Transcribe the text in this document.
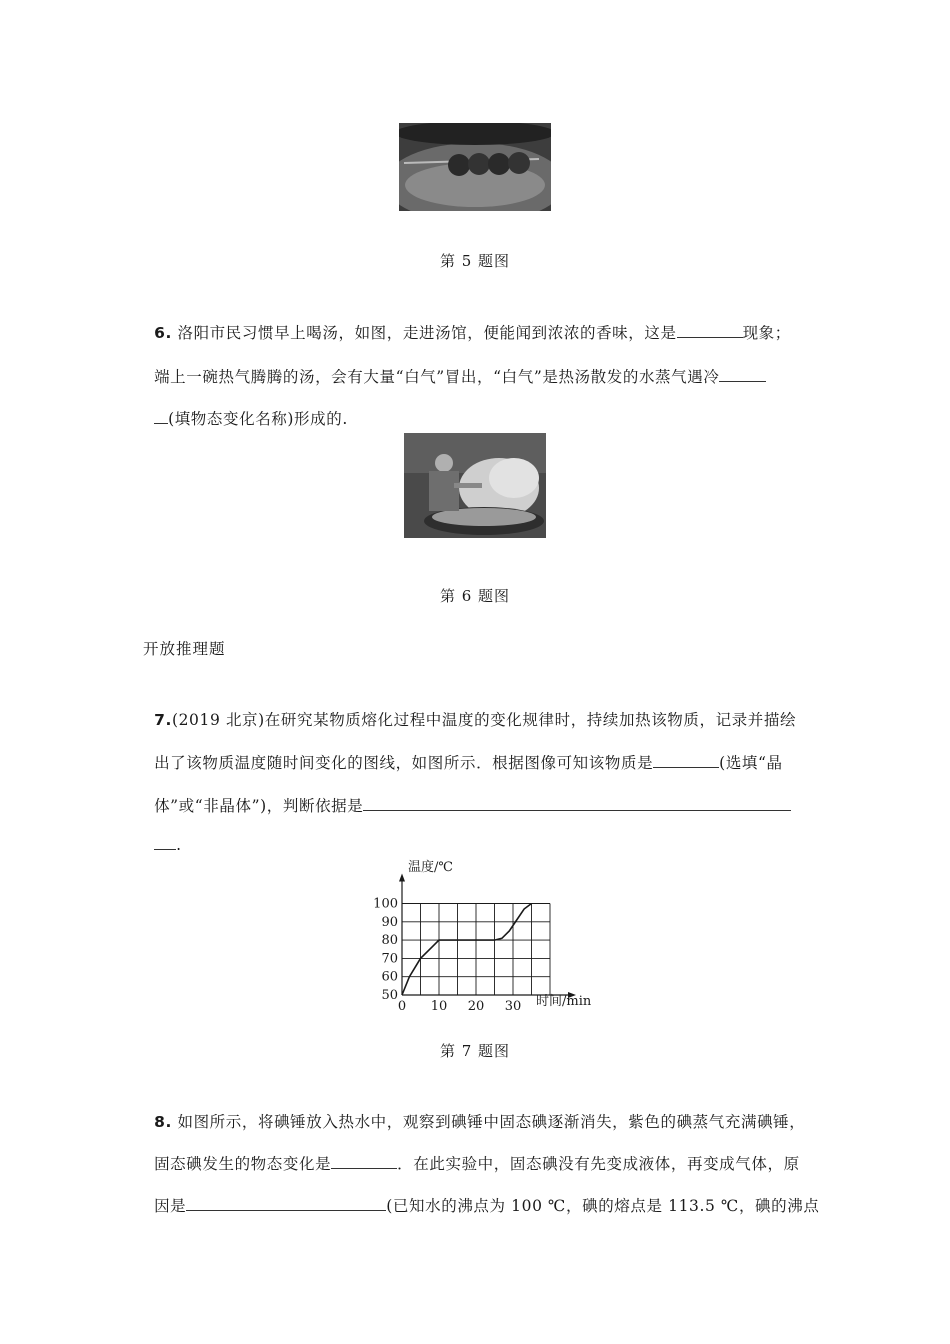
第 5 题图

6. 洛阳市民习惯早上喝汤，如图，走进汤馆，便能闻到浓浓的香味，这是	现象；

端上一碗热气腾腾的汤，会有大量“白气”冒出，“白气”是热汤散发的水蒸气遇冷

(填物态变化名称)形成的.

第 6 题图
开放推理题

7.(2019 北京)在研究某物质熔化过程中温度的变化规律时，持续加热该物质，记录并描绘

出了该物质温度随时间变化的图线，如图所示．根据图像可知该物质是	(选填“晶

体”或“非晶体”)，判断依据是

.

50
60
70
80
90
100
0 10 20 30
温度/℃
时间/min
第 7 题图

8. 如图所示，将碘锤放入热水中，观察到碘锤中固态碘逐渐消失，紫色的碘蒸气充满碘锤，

固态碘发生的物态变化是	．在此实验中，固态碘没有先变成液体，再变成气体，原

因是	(已知水的沸点为 100 ℃，碘的熔点是 113.5 ℃，碘的沸点
